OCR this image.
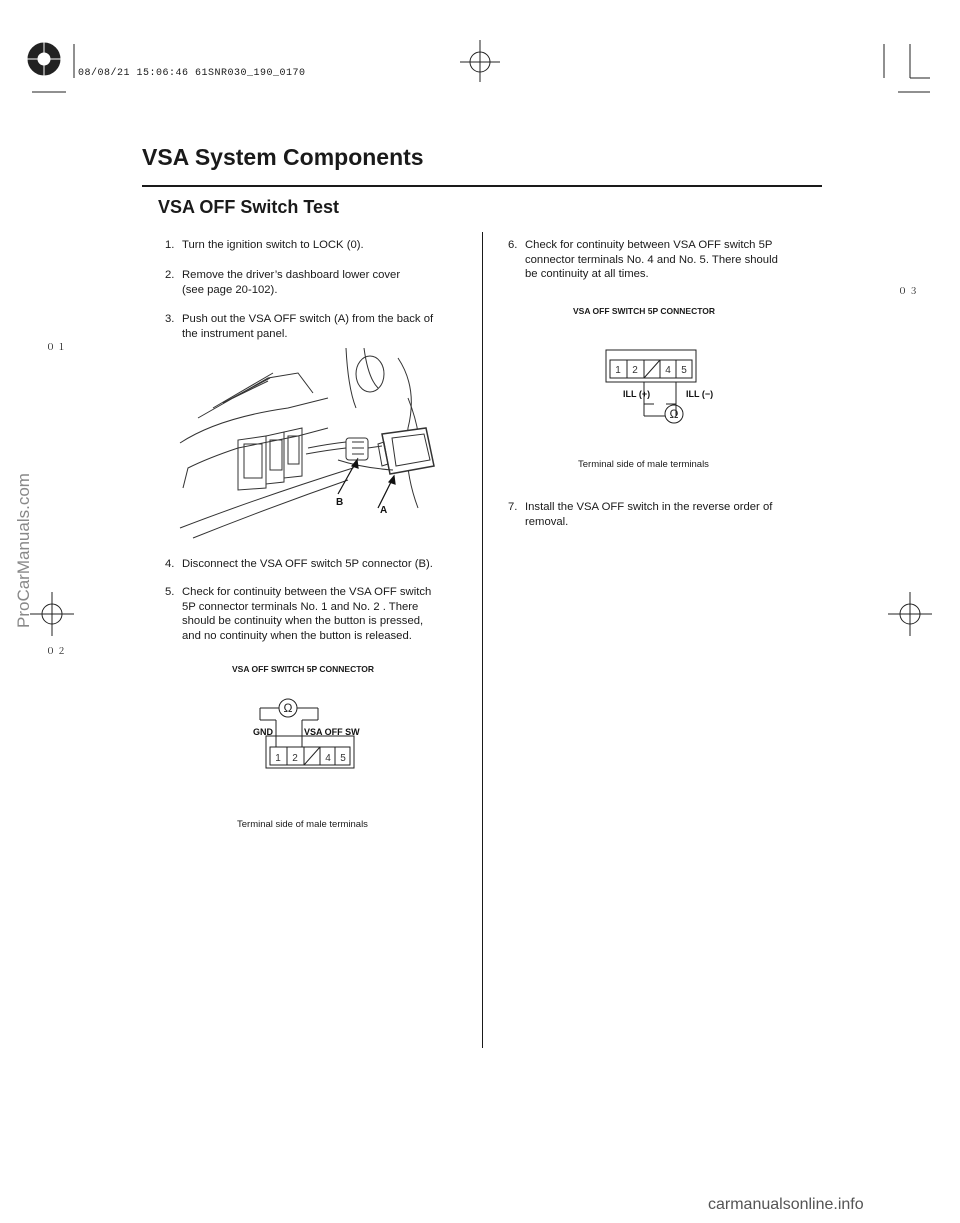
08/08/21 15:06:46 61SNR030_190_0170
VSA System Components
VSA OFF Switch Test
1. Turn the ignition switch to LOCK (0).
2. Remove the driver’s dashboard lower cover
(see page 20-102).
3. Push out the VSA OFF switch (A) from the back of
the instrument panel.
B
A
4. Disconnect the VSA OFF switch 5P connector (B).
5. Check for continuity between the VSA OFF switch
5P connector terminals No. 1 and No. 2 . There
should be continuity when the button is pressed,
and no continuity when the button is released.
VSA OFF SWITCH 5P CONNECTOR
Ω
GND	VSA OFF SW
1 2	4 5
Terminal side of male terminals
6. Check for continuity between VSA OFF switch 5P
connector terminals No. 4 and No. 5. There should
be continuity at all times.
VSA OFF SWITCH 5P CONNECTOR
1 2	4 5
ILL (+)	ILL (−)
Ω
Terminal side of male terminals
7. Install the VSA OFF switch in the reverse order of
removal.
０１
０２
０３
ProCarManuals.com
carmanualsonline.info
